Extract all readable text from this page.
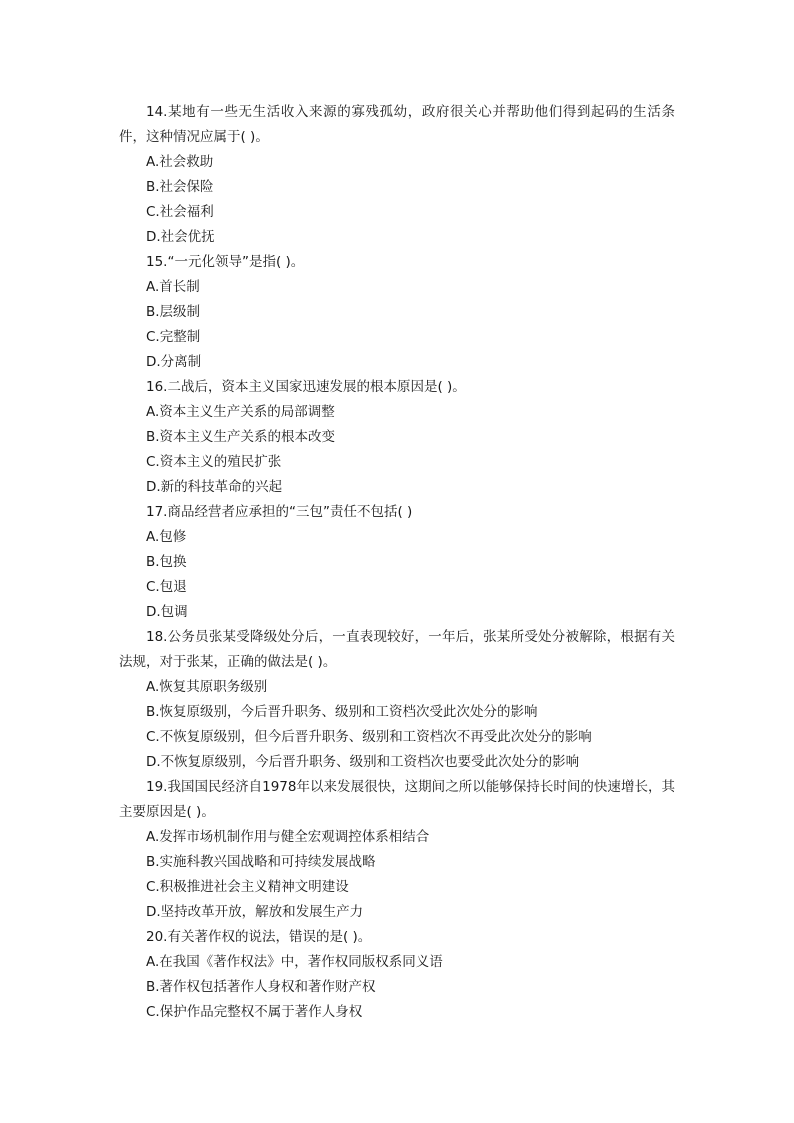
14.某地有一些无生活收入来源的寡残孤幼，政府很关心并帮助他们得到起码的生活条件，这种情况应属于( )。

A.社会救助

B.社会保险

C.社会福利

D.社会优抚

15.“一元化领导”是指( )。

A.首长制

B.层级制

C.完整制

D.分离制

16.二战后，资本主义国家迅速发展的根本原因是( )。

A.资本主义生产关系的局部调整

B.资本主义生产关系的根本改变

C.资本主义的殖民扩张

D.新的科技革命的兴起

17.商品经营者应承担的“三包”责任不包括( )

A.包修

B.包换

C.包退

D.包调

18.公务员张某受降级处分后，一直表现较好，一年后，张某所受处分被解除，根据有关法规，对于张某，正确的做法是( )。

A.恢复其原职务级别

B.恢复原级别，今后晋升职务、级别和工资档次受此次处分的影响

C.不恢复原级别，但今后晋升职务、级别和工资档次不再受此次处分的影响

D.不恢复原级别，今后晋升职务、级别和工资档次也要受此次处分的影响

19.我国国民经济自1978年以来发展很快，这期间之所以能够保持长时间的快速增长，其主要原因是( )。

A.发挥市场机制作用与健全宏观调控体系相结合

B.实施科教兴国战略和可持续发展战略

C.积极推进社会主义精神文明建设

D.坚持改革开放，解放和发展生产力

20.有关著作权的说法，错误的是( )。

A.在我国《著作权法》中，著作权同版权系同义语

B.著作权包括著作人身权和著作财产权

C.保护作品完整权不属于著作人身权
